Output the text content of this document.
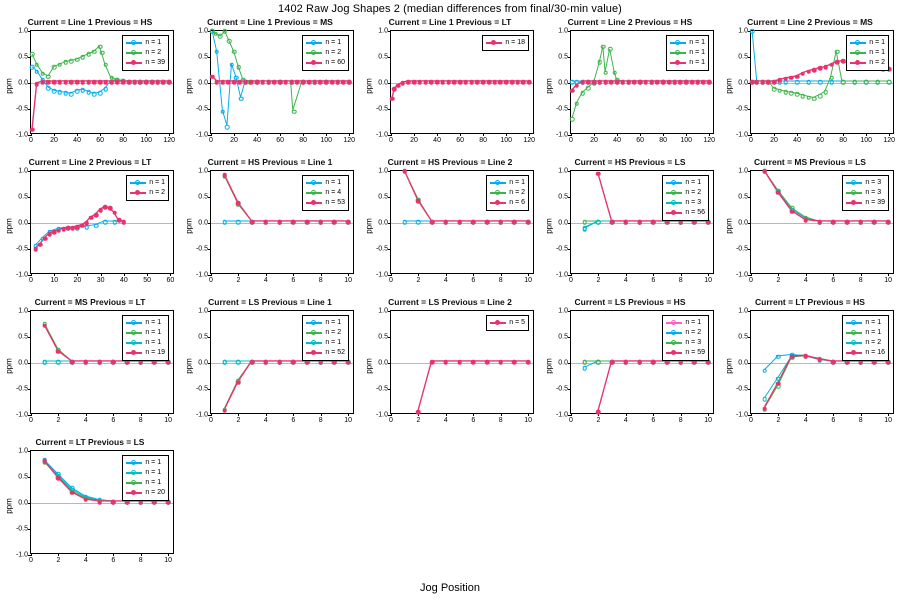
1402 Raw Jog Shapes 2 (median differences from final/30-min value)
Current = Line 1 Previous = HS
ppm
-1.0
-0.5
0.0
0.5
1.0
0 20 40 60 80 100 120
n = 1
n = 2
n = 39
Current = Line 1 Previous = MS
ppm
-1.0
-0.5
0.0
0.5
1.0
0 20 40 60 80 100 120
n = 1
n = 2
n = 60
Current = Line 1 Previous = LT
ppm
-1.0
-0.5
0.0
0.5
1.0
0 20 40 60 80 100 120
n = 18
Current = Line 2 Previous = HS
ppm
-1.0
-0.5
0.0
0.5
1.0
0 20 40 60 80 100 120
n = 1
n = 1
n = 1
Current = Line 2 Previous = MS
ppm
-1.0
-0.5
0.0
0.5
1.0
0 20 40 60 80 100 120
n = 1
n = 1
n = 2
Current = Line 2 Previous = LT
ppm
-1.0
-0.5
0.0
0.5
1.0
0 10 20 30 40 50 60
n = 1
n = 2
Current = HS Previous = Line 1
ppm
-1.0
-0.5
0.0
0.5
1.0
0	2	4	6	8	10
n = 1
n = 4
n = 53
Current = HS Previous = Line 2
ppm
-1.0
-0.5
0.0
0.5
1.0
0	2	4	6	8	10
n = 1
n = 2
n = 6
Current = HS Previous = LS
ppm
-1.0
-0.5
0.0
0.5
1.0
0	2	4	6	8	10
n = 1
n = 2
n = 3
n = 56
Current = MS Previous = LS
ppm
-1.0
-0.5
0.0
0.5
1.0
0	2	4	6	8	10
n = 3
n = 3
n = 39
Current = MS Previous = LT
ppm
-1.0
-0.5
0.0
0.5
1.0
0	2	4	6	8	10
n = 1
n = 1
n = 1
n = 19
Current = LS Previous = Line 1
ppm
-1.0
-0.5
0.0
0.5
1.0
0	2	4	6	8	10
n = 1
n = 2
n = 1
n = 52
Current = LS Previous = Line 2
ppm
-1.0
-0.5
0.0
0.5
1.0
0	2	4	6	8	10
n = 5
Current = LS Previous = HS
ppm
-1.0
-0.5
0.0
0.5
1.0
0	2	4	6	8	10
n = 1
n = 2
n = 3
n = 59
Current = LT Previous = HS
ppm
-1.0
-0.5
0.0
0.5
1.0
0	2	4	6	8	10
n = 1
n = 1
n = 2
n = 16
Current = LT Previous = LS
ppm
-1.0
-0.5
0.0
0.5
1.0
0	2	4	6	8	10
n = 1
n = 1
n = 1
n = 20
Jog Position
